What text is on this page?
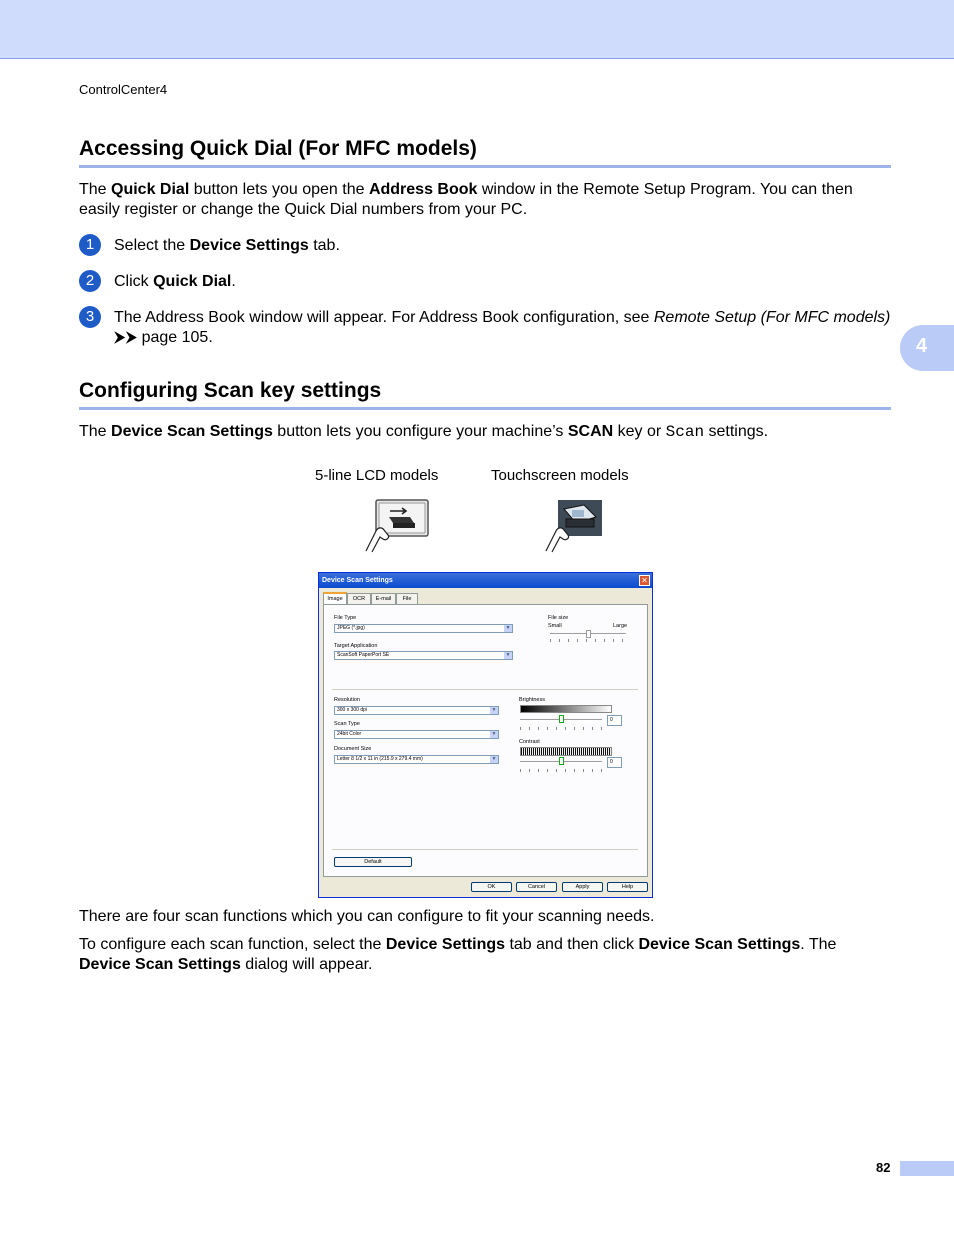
ControlCenter4
4
Accessing Quick Dial (For MFC models)
The Quick Dial button lets you open the Address Book window in the Remote Setup Program. You can then easily register or change the Quick Dial numbers from your PC.
1	Select the Device Settings tab.
2	Click Quick Dial.
3	The Address Book window will appear. For Address Book configuration, see Remote Setup (For MFC models) ⮞⮞ page 105.
Configuring Scan key settings
The Device Scan Settings button lets you configure your machine’s SCAN key or Scan settings.
5-line LCD models	Touchscreen models
Device Scan Settings	✕
Image	OCR	E-mail	File
File Type
JPEG (*.jpg)	▼
Target Application
ScanSoft PaperPort SE	▼
File size
Small	Large
Resolution
300 x 300 dpi	▼
Scan Type
24bit Color	▼
Document Size
Letter 8 1/2 x 11 in (215.9 x 279.4 mm)	▼
Brightness
0
Contrast
0
Default
OK	Cancel	Apply	Help
There are four scan functions which you can configure to fit your scanning needs.
To configure each scan function, select the Device Settings tab and then click Device Scan Settings. The Device Scan Settings dialog will appear.
82
